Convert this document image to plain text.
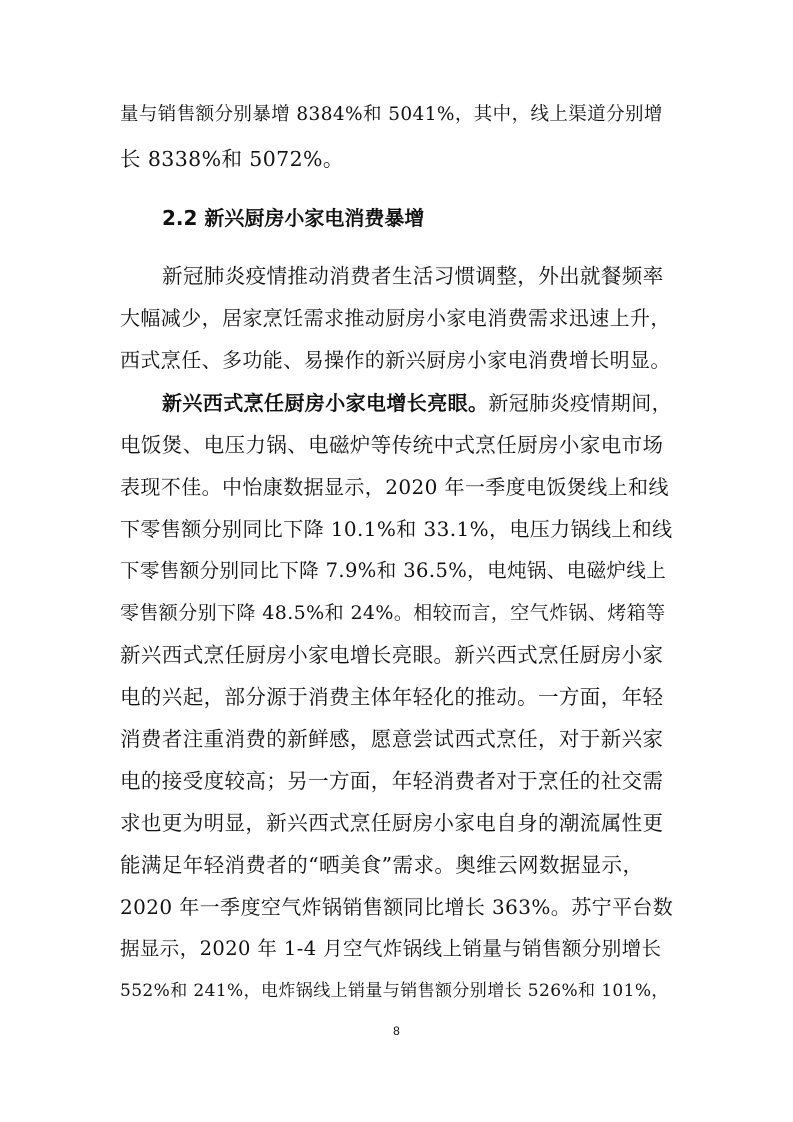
量与销售额分别暴增 8384%和 5041%，其中，线上渠道分别增
长 8338%和 5072%。
2.2 新兴厨房小家电消费暴增
新冠肺炎疫情推动消费者生活习惯调整，外出就餐频率
大幅减少，居家烹饪需求推动厨房小家电消费需求迅速上升，
西式烹任、多功能、易操作的新兴厨房小家电消费增长明显。
新兴西式烹任厨房小家电增长亮眼。新冠肺炎疫情期间，
电饭煲、电压力锅、电磁炉等传统中式烹任厨房小家电市场
表现不佳。中怡康数据显示，2020 年一季度电饭煲线上和线
下零售额分别同比下降 10.1%和 33.1%，电压力锅线上和线
下零售额分别同比下降 7.9%和 36.5%，电炖锅、电磁炉线上
零售额分别下降 48.5%和 24%。相较而言，空气炸锅、烤箱等
新兴西式烹任厨房小家电增长亮眼。新兴西式烹任厨房小家
电的兴起，部分源于消费主体年轻化的推动。一方面，年轻
消费者注重消费的新鲜感，愿意尝试西式烹任，对于新兴家
电的接受度较高；另一方面，年轻消费者对于烹任的社交需
求也更为明显，新兴西式烹任厨房小家电自身的潮流属性更
能满足年轻消费者的“晒美食”需求。奥维云网数据显示，
2020 年一季度空气炸锅销售额同比增长 363%。苏宁平台数
据显示，2020 年 1-4 月空气炸锅线上销量与销售额分别增长
552%和 241%，电炸锅线上销量与销售额分别增长 526%和 101%，
8
